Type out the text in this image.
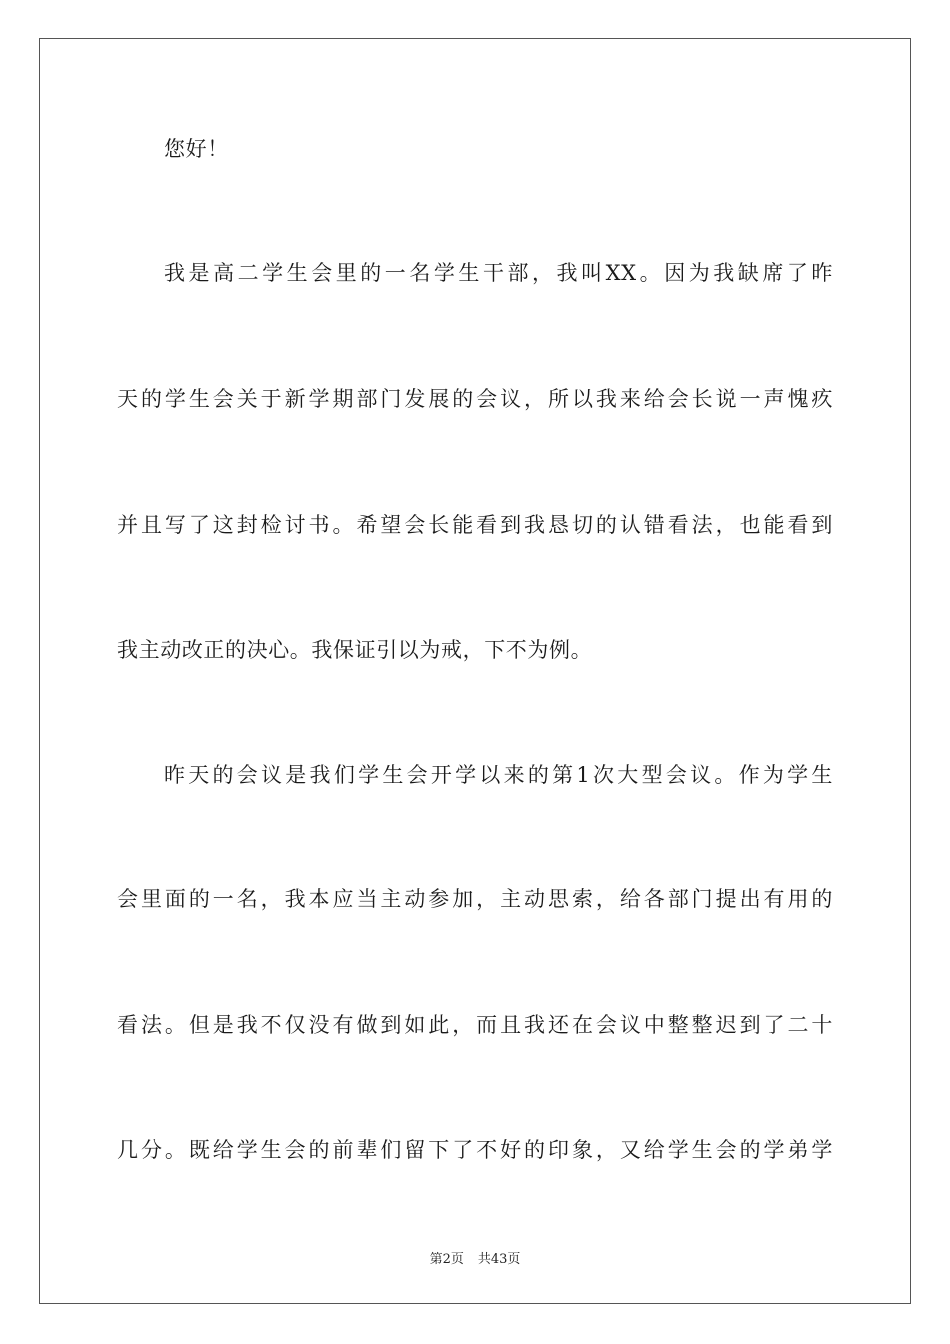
您好！
我是高二学生会里的一名学生干部，我叫XX。因为我缺席了昨
天的学生会关于新学期部门发展的会议，所以我来给会长说一声愧疚
并且写了这封检讨书。希望会长能看到我恳切的认错看法，也能看到
我主动改正的决心。我保证引以为戒，下不为例。
昨天的会议是我们学生会开学以来的第1次大型会议。作为学生
会里面的一名，我本应当主动参加，主动思索，给各部门提出有用的
看法。但是我不仅没有做到如此，而且我还在会议中整整迟到了二十
几分。既给学生会的前辈们留下了不好的印象，又给学生会的学弟学
第2页 共43页
